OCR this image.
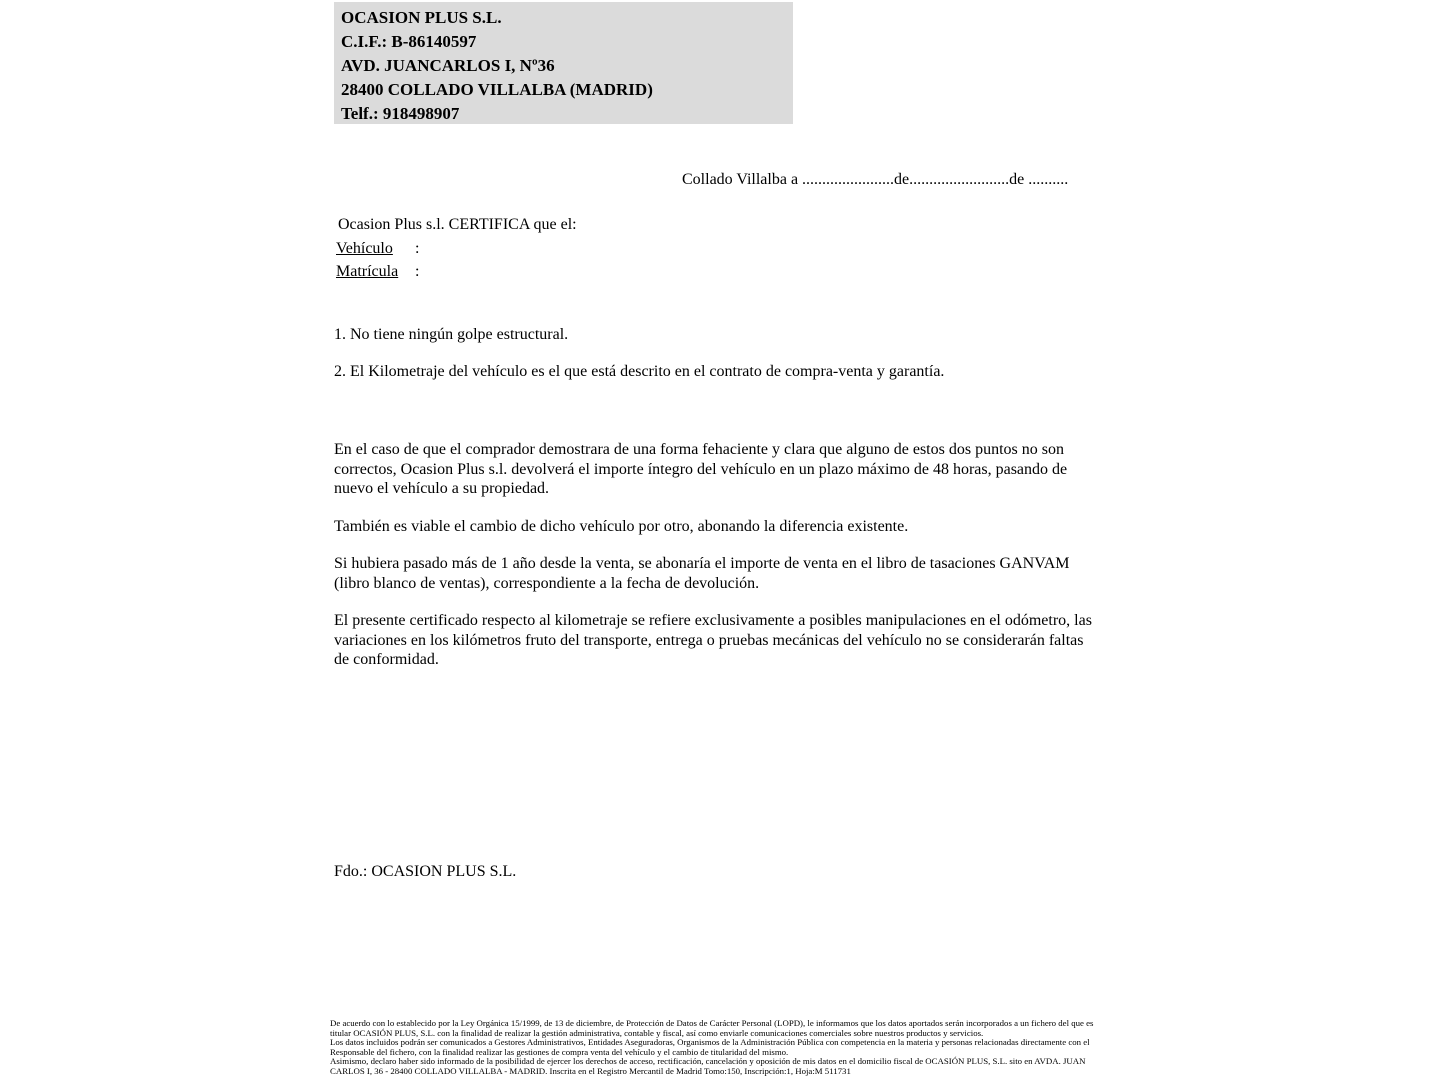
OCASION PLUS S.L.
C.I.F.: B-86140597
AVD. JUANCARLOS I, Nº36
28400 COLLADO VILLALBA (MADRID)
Telf.: 918498907
Collado Villalba a .......................de.........................de ..........
Ocasion Plus s.l. CERTIFICA que el:
Vehículo :
Matrícula :
1. No tiene ningún golpe estructural.
2. El Kilometraje del vehículo es el que está descrito en el contrato de compra-venta y garantía.

En el caso de que el comprador demostrara de una forma fehaciente y clara que alguno de estos dos puntos no son correctos, Ocasion Plus s.l. devolverá el importe íntegro del vehículo en un plazo máximo de 48 horas, pasando de nuevo el vehículo a su propiedad.

También es viable el cambio de dicho vehículo por otro, abonando la diferencia existente.

Si hubiera pasado más de 1 año desde la venta, se abonaría el importe de venta en el libro de tasaciones GANVAM (libro blanco de ventas), correspondiente a la fecha de devolución.

El presente certificado respecto al kilometraje se refiere exclusivamente a posibles manipulaciones en el odómetro, las variaciones en los kilómetros fruto del transporte, entrega o pruebas mecánicas del vehículo no se considerarán faltas de conformidad.

Fdo.: OCASION PLUS S.L.

De acuerdo con lo establecido por la Ley Orgánica 15/1999, de 13 de diciembre, de Protección de Datos de Carácter Personal (LOPD), le informamos que los datos aportados serán incorporados a un fichero del que es titular OCASIÓN PLUS, S.L. con la finalidad de realizar la gestión administrativa, contable y fiscal, así como enviarle comunicaciones comerciales sobre nuestros productos y servicios.

Los datos incluidos podrán ser comunicados a Gestores Administrativos, Entidades Aseguradoras, Organismos de la Administración Pública con competencia en la materia y personas relacionadas directamente con el Responsable del fichero, con la finalidad realizar las gestiones de compra venta del vehículo y el cambio de titularidad del mismo.

Asimismo, declaro haber sido informado de la posibilidad de ejercer los derechos de acceso, rectificación, cancelación y oposición de mis datos en el domicilio fiscal de OCASIÓN PLUS, S.L. sito en AVDA. JUAN CARLOS I, 36 - 28400 COLLADO VILLALBA - MADRID. Inscrita en el Registro Mercantil de Madrid Tomo:150, Inscripción:1, Hoja:M 511731
